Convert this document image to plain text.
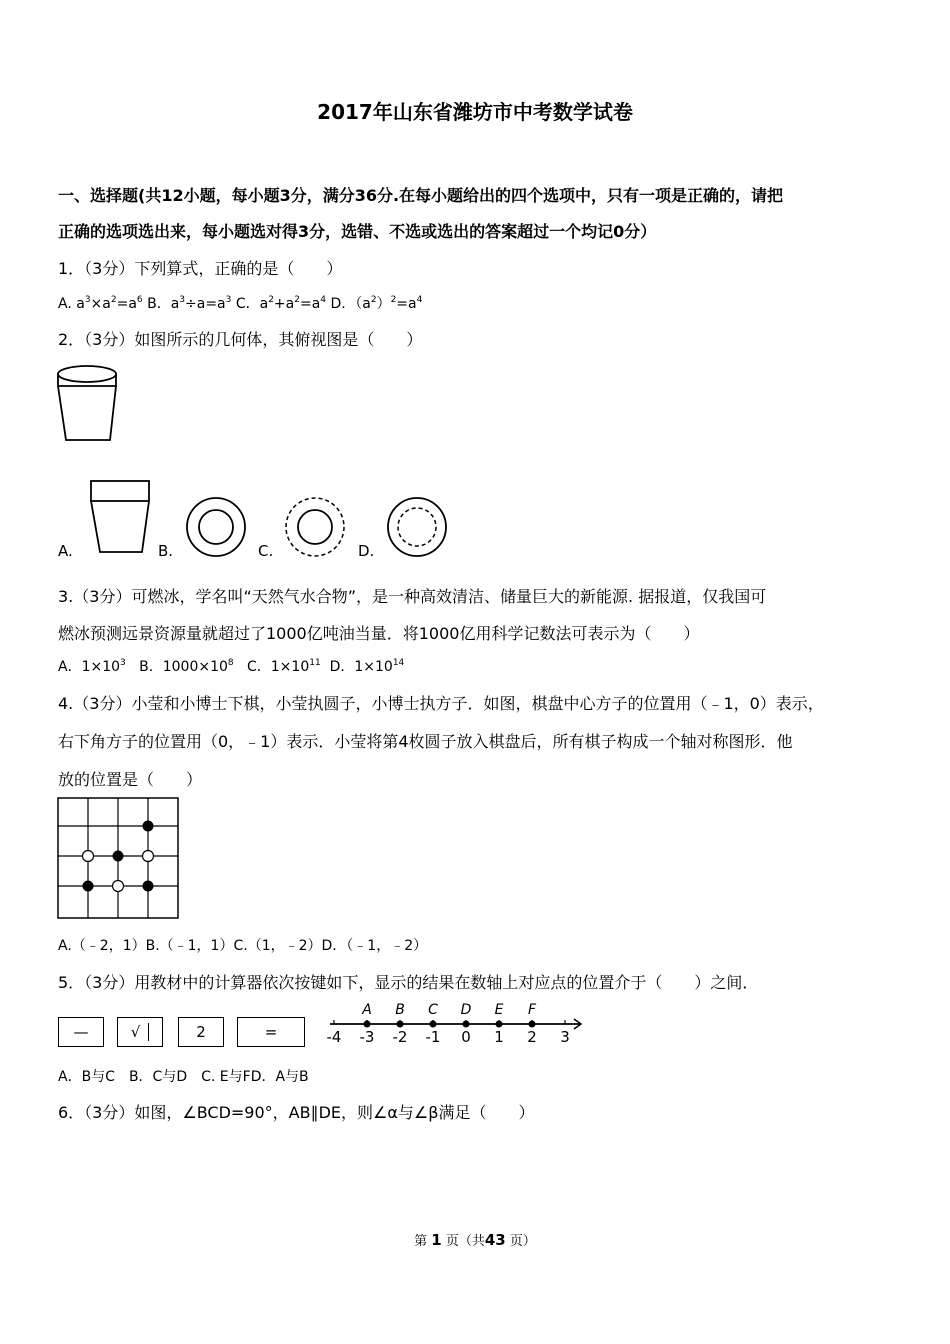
2017年山东省潍坊市中考数学试卷
一、选择题(共12小题，每小题3分，满分36分.在每小题给出的四个选项中，只有一项是正确的，请把
正确的选项选出来，每小题选对得3分，选错、不选或选出的答案超过一个均记0分）
1．（3分）下列算式，正确的是（　　）
A. $a^3\times a^2=a^6$ B．$a^3\div a=a^3$ C．$a^2+a^2=a^4$ D．$(a^2)^2=a^4$
2．（3分）如图所示的几何体，其俯视图是（　　）
A.	B.	C.	D.
3.（3分）可燃冰，学名叫“天然气水合物”，是一种高效清洁、储量巨大的新能源. 据报道，仅我国可
燃冰预测远景资源量就超过了1000亿吨油当量．将1000亿用科学记数法可表示为（　　）
A．$1\times 10^3$ B．$1000\times 10^8$ C．$1\times 10^{11}$ D．$1\times 10^{14}$
4.（3分）小莹和小博士下棋，小莹执圆子，小博士执方子．如图，棋盘中心方子的位置用（﹣1，0）表示，
右下角方子的位置用（0，﹣1）表示．小莹将第4枚圆子放入棋盘后，所有棋子构成一个轴对称图形．他
放的位置是（　　）
A.（﹣2，1）B.（﹣1，1）C.（1，﹣2）D．（﹣1，﹣2）
5．（3分）用教材中的计算器依次按键如下，显示的结果在数轴上对应点的位置介于（　　）之间．
—	√	2	=	-4 -3 -2 -1 0 1 2 3
A B C D E F
A．B与C　B．C与D　C. E与FD．A与B
6．（3分）如图，∠BCD=90°，AB∥DE，则∠α与∠β满足（　　）
第 1 页（共43 页）
